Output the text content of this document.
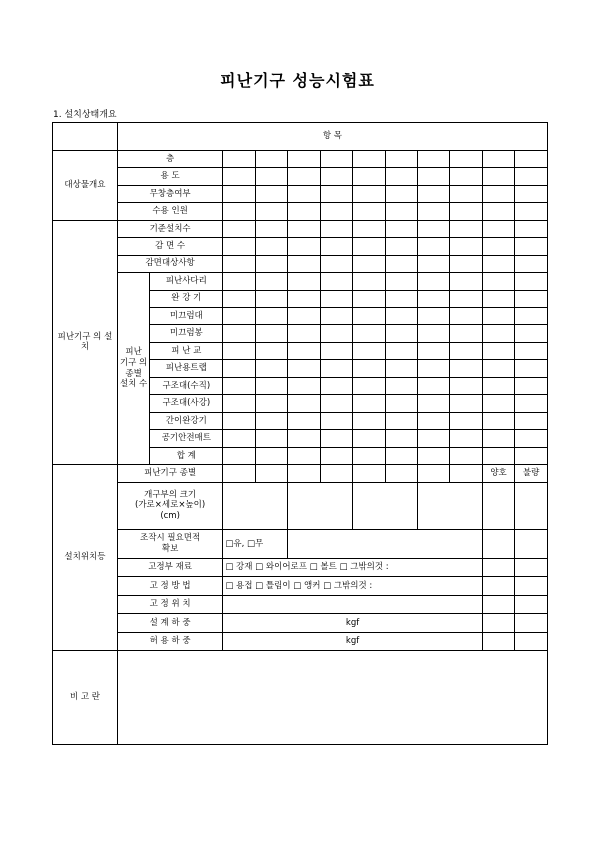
피난기구 성능시험표
1. 설치상태개요
	항 목											
대상물개요	층											
	용 도											
	무창층여부											
	수용 인원											
피난기구 의 설치	기준설치수											
	감 면 수											
	감면대상사항											
	피난 기구 의 종별 설치 수	피난사다리										
		완 강 기										
		미끄럼대										
		미끄럼봉										
		피 난 교										
		피난용트랩										
		구조대(수직)										
		구조대(사강)										
		간이완강기										
		공기안전매트										
		합 계										
설치위치등	피난기구 종별										양호	불량

	개구부의 크기
(가로×세로×높이)
(cm)											

	조작시 필요면적
확보		□유, □무									
	고정부 재료		□ 강재 □ 와이어로프 □ 볼트 □ 그밖의것 :									
	고 정 방 법		□ 용접 □ 틀림이 □ 앵커 □ 그밖의것 :									
	고 정 위 치											
	설 계 하 중		kgf									
	허 용 하 중		kgf									
비 고 란												
